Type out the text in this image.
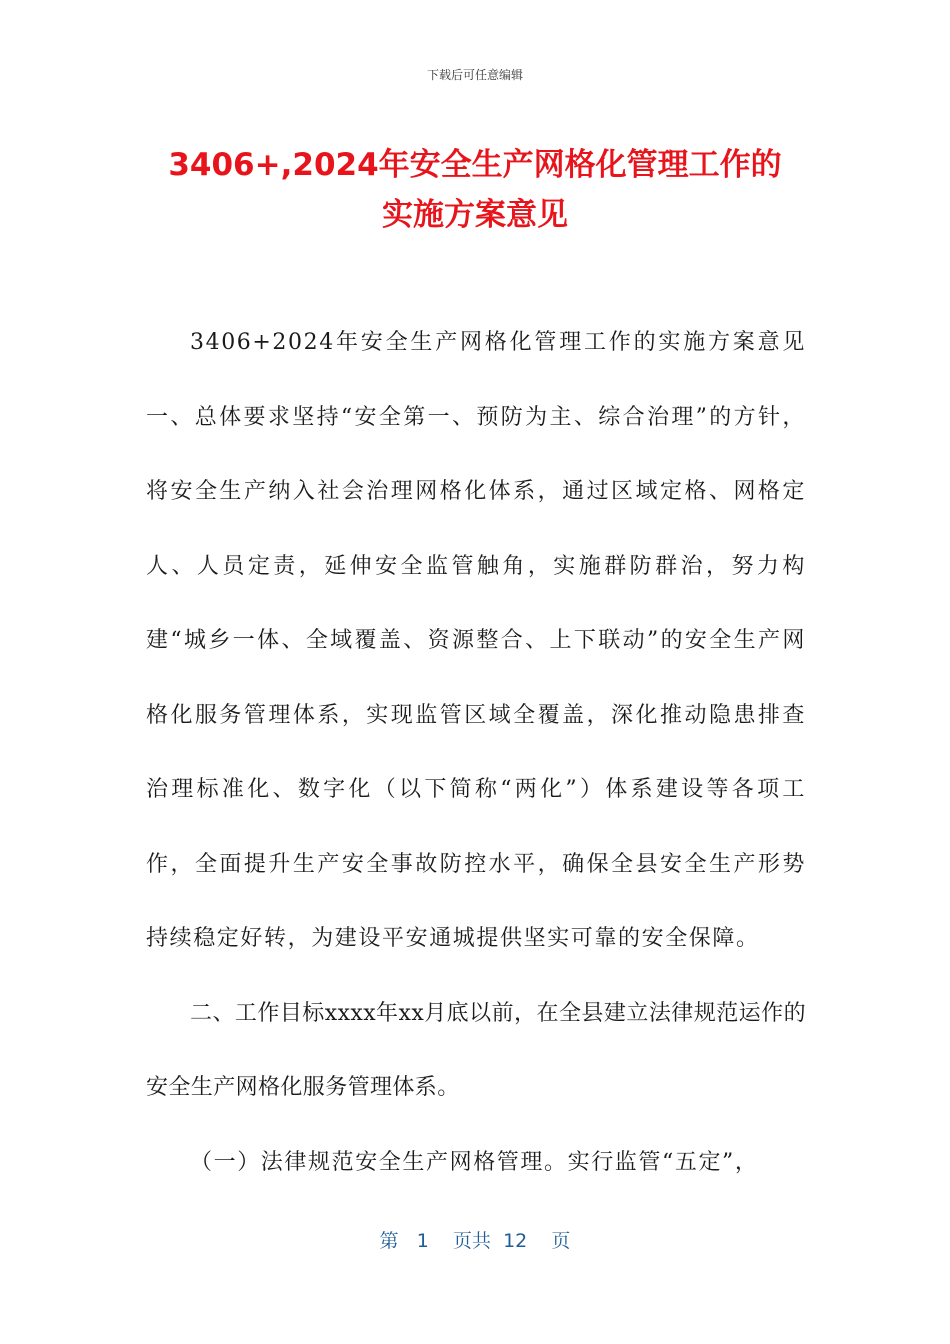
下载后可任意编辑
3406+,2024年安全生产网格化管理工作的
实施方案意见

3406+2024年安全生产网格化管理工作的实施方案意见一、总体要求坚持“安全第一、预防为主、综合治理”的方针，将安全生产纳入社会治理网格化体系，通过区域定格、网格定人、人员定责，延伸安全监管触角，实施群防群治，努力构建“城乡一体、全域覆盖、资源整合、上下联动”的安全生产网格化服务管理体系，实现监管区域全覆盖，深化推动隐患排查治理标准化、数字化（以下简称“两化”）体系建设等各项工作，全面提升生产安全事故防控水平，确保全县安全生产形势持续稳定好转，为建设平安通城提供坚实可靠的安全保障。

二、工作目标xxxx年xx月底以前，在全县建立法律规范运作的安全生产网格化服务管理体系。

（一）法律规范安全生产网格管理。实行监管“五定”，

第 1 页共 12 页
